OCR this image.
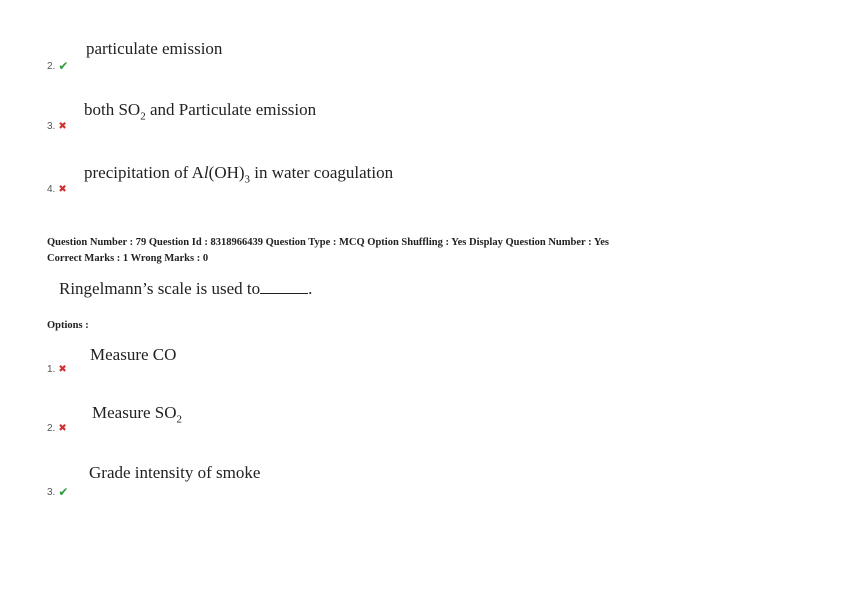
particulate emission
2. ✔
both $SO_2$ and Particulate emission
3. ✖
precipitation of $Al(OH)_3$ in water coagulation
4. ✖
Question Number : 79 Question Id : 8318966439 Question Type : MCQ Option Shuffling : Yes Display Question Number : Yes
Correct Marks : 1 Wrong Marks : 0
Ringelmann’s scale is used to	.
Options :
Measure CO
1. ✖
Measure $SO_2$
2. ✖
Grade intensity of smoke
3. ✔
